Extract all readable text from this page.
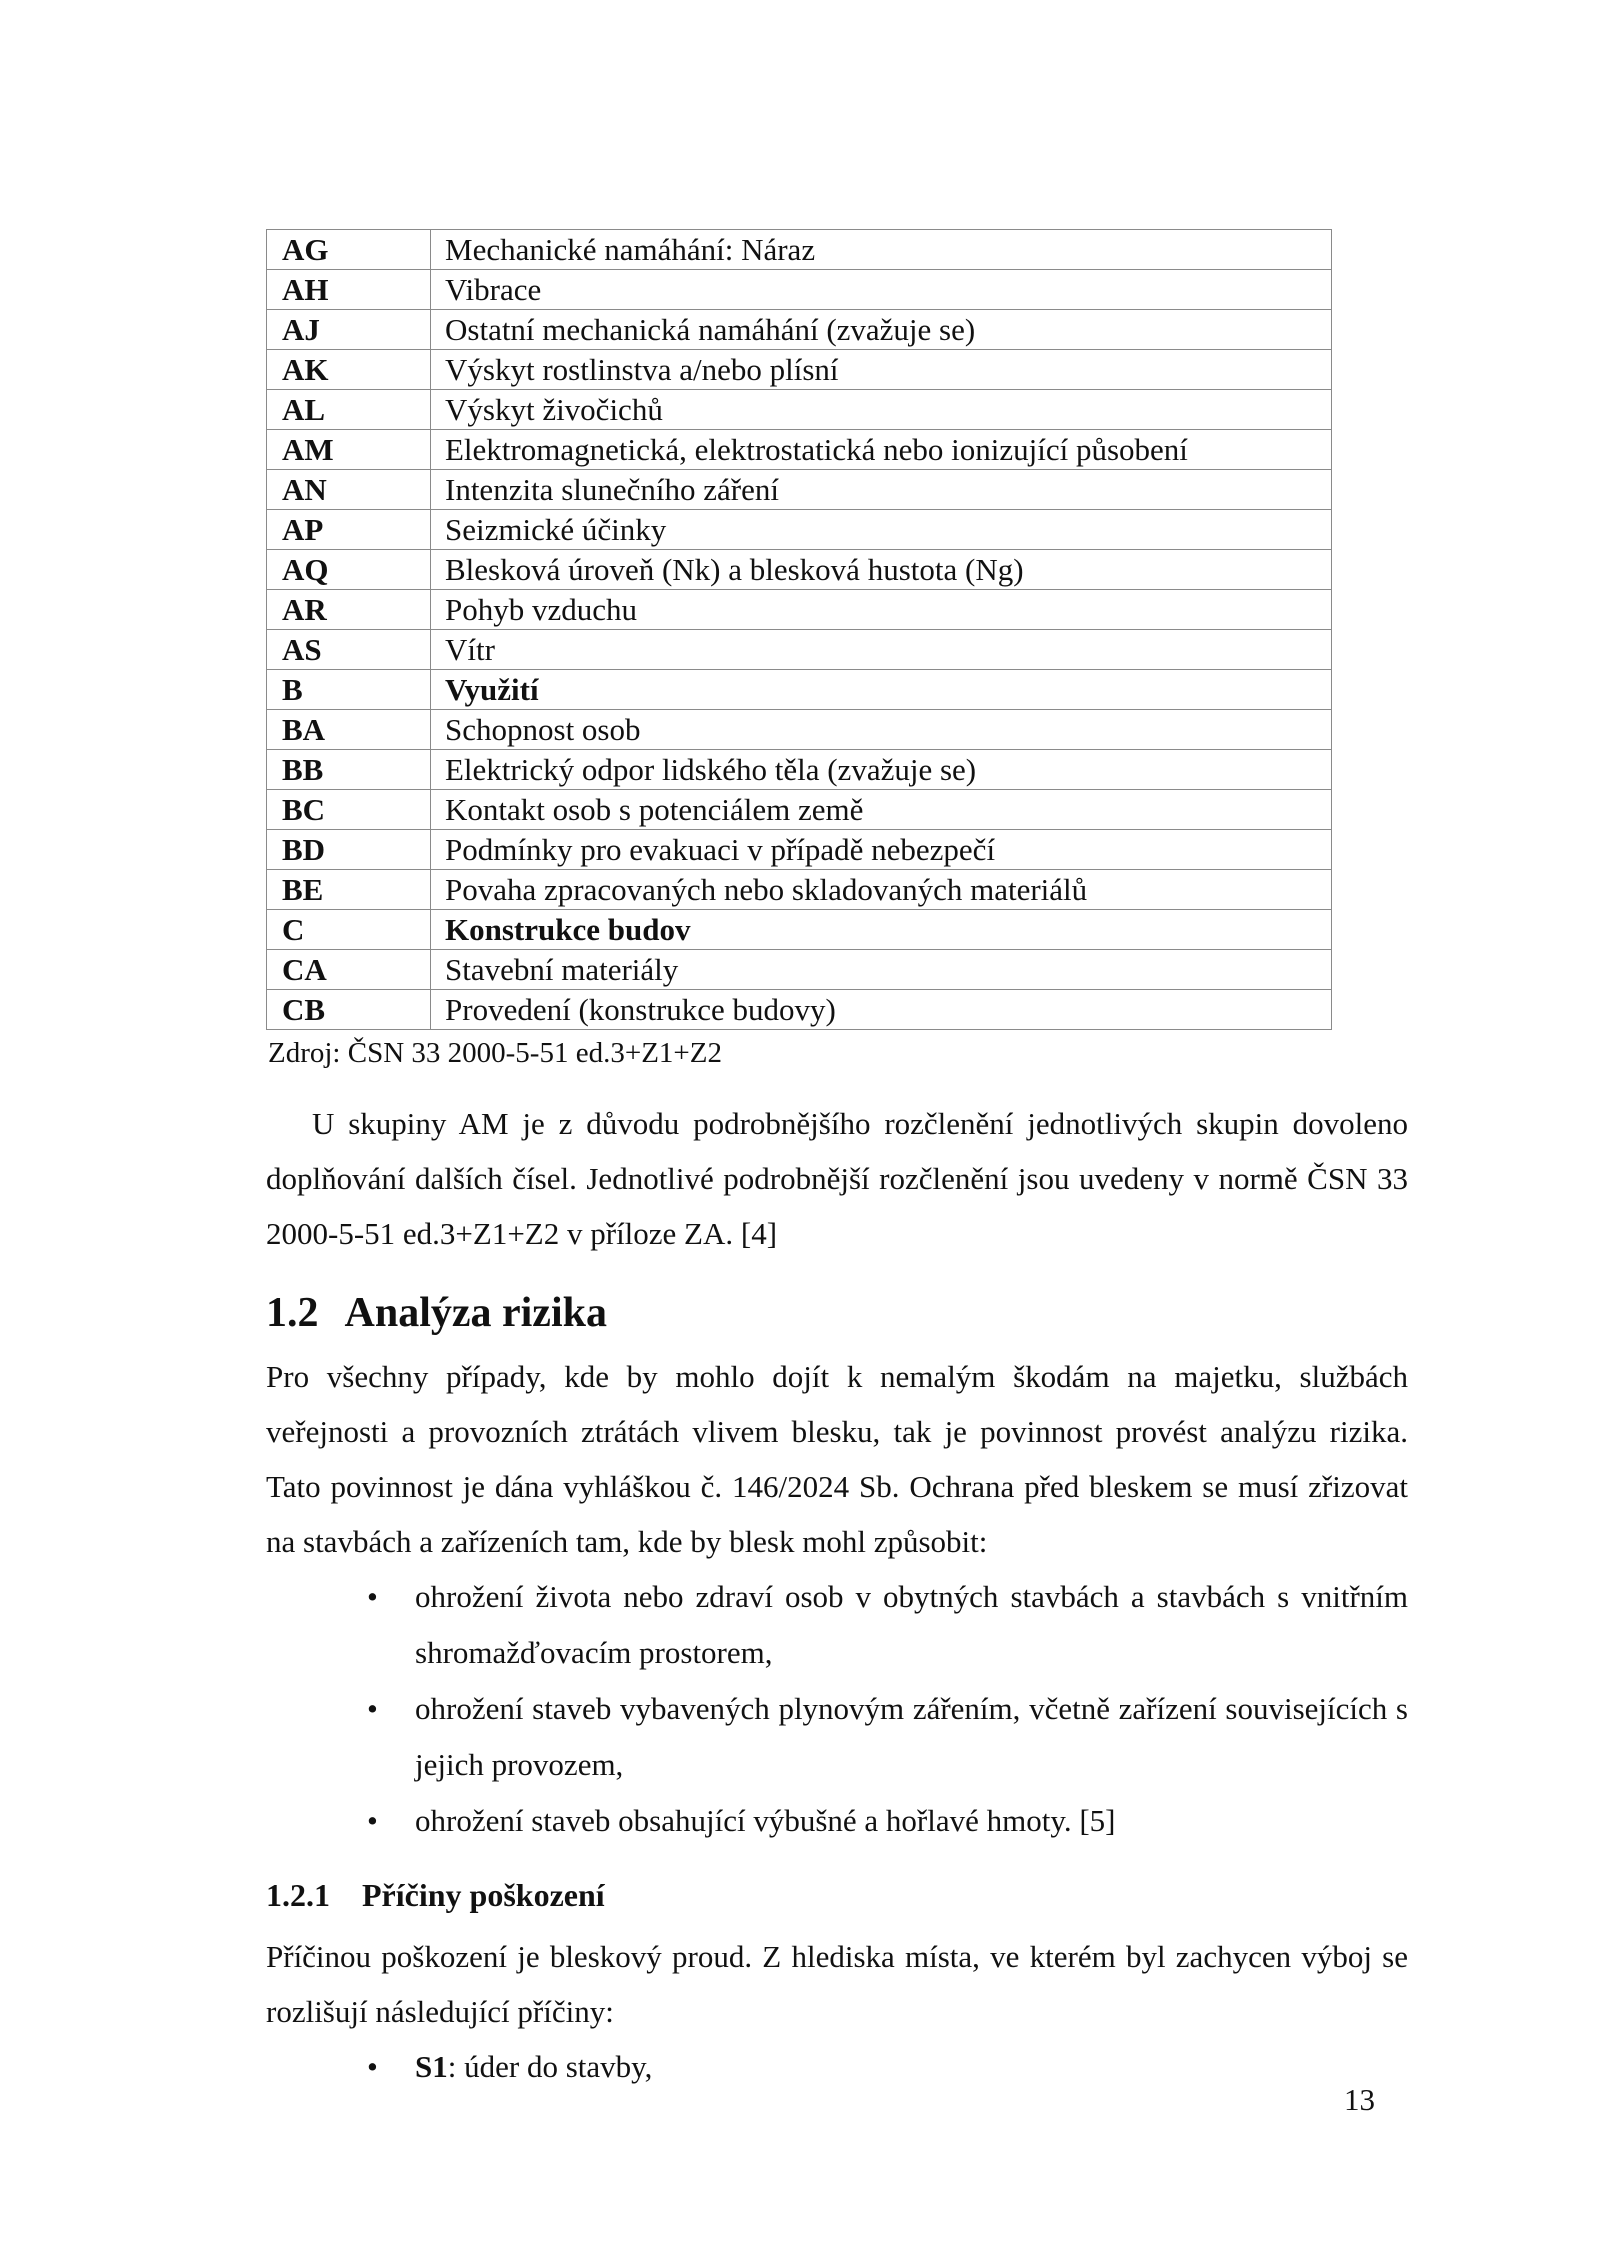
AG	Mechanické namáhání: Náraz
AH	Vibrace
AJ	Ostatní mechanická namáhání (zvažuje se)
AK	Výskyt rostlinstva a/nebo plísní
AL	Výskyt živočichů
AM	Elektromagnetická, elektrostatická nebo ionizující působení
AN	Intenzita slunečního záření
AP	Seizmické účinky
AQ	Blesková úroveň (Nk) a blesková hustota (Ng)
AR	Pohyb vzduchu
AS	Vítr
B	Využití
BA	Schopnost osob
BB	Elektrický odpor lidského těla (zvažuje se)
BC	Kontakt osob s potenciálem země
BD	Podmínky pro evakuaci v případě nebezpečí
BE	Povaha zpracovaných nebo skladovaných materiálů
C	Konstrukce budov
CA	Stavební materiály
CB	Provedení (konstrukce budovy)
Zdroj: ČSN 33 2000-5-51 ed.3+Z1+Z2

U skupiny AM je z důvodu podrobnějšího rozčlenění jednotlivých skupin dovoleno doplňování dalších čísel. Jednotlivé podrobnější rozčlenění jsou uvedeny v normě ČSN 33 2000-5-51 ed.3+Z1+Z2 v příloze ZA. [4]

1.2 Analýza rizika

Pro všechny případy, kde by mohlo dojít k nemalým škodám na majetku, službách veřejnosti a provozních ztrátách vlivem blesku, tak je povinnost provést analýzu rizika. Tato povinnost je dána vyhláškou č. 146/2024 Sb. Ochrana před bleskem se musí zřizovat na stavbách a zařízeních tam, kde by blesk mohl způsobit:

• ohrožení života nebo zdraví osob v obytných stavbách a stavbách s vnitřním shromažďovacím prostorem,
• ohrožení staveb vybavených plynovým zářením, včetně zařízení souvisejících s jejich provozem,
• ohrožení staveb obsahující výbušné a hořlavé hmoty. [5]
1.2.1 Příčiny poškození

Příčinou poškození je bleskový proud. Z hlediska místa, ve kterém byl zachycen výboj se rozlišují následující příčiny:

• S1: úder do stavby,
13
